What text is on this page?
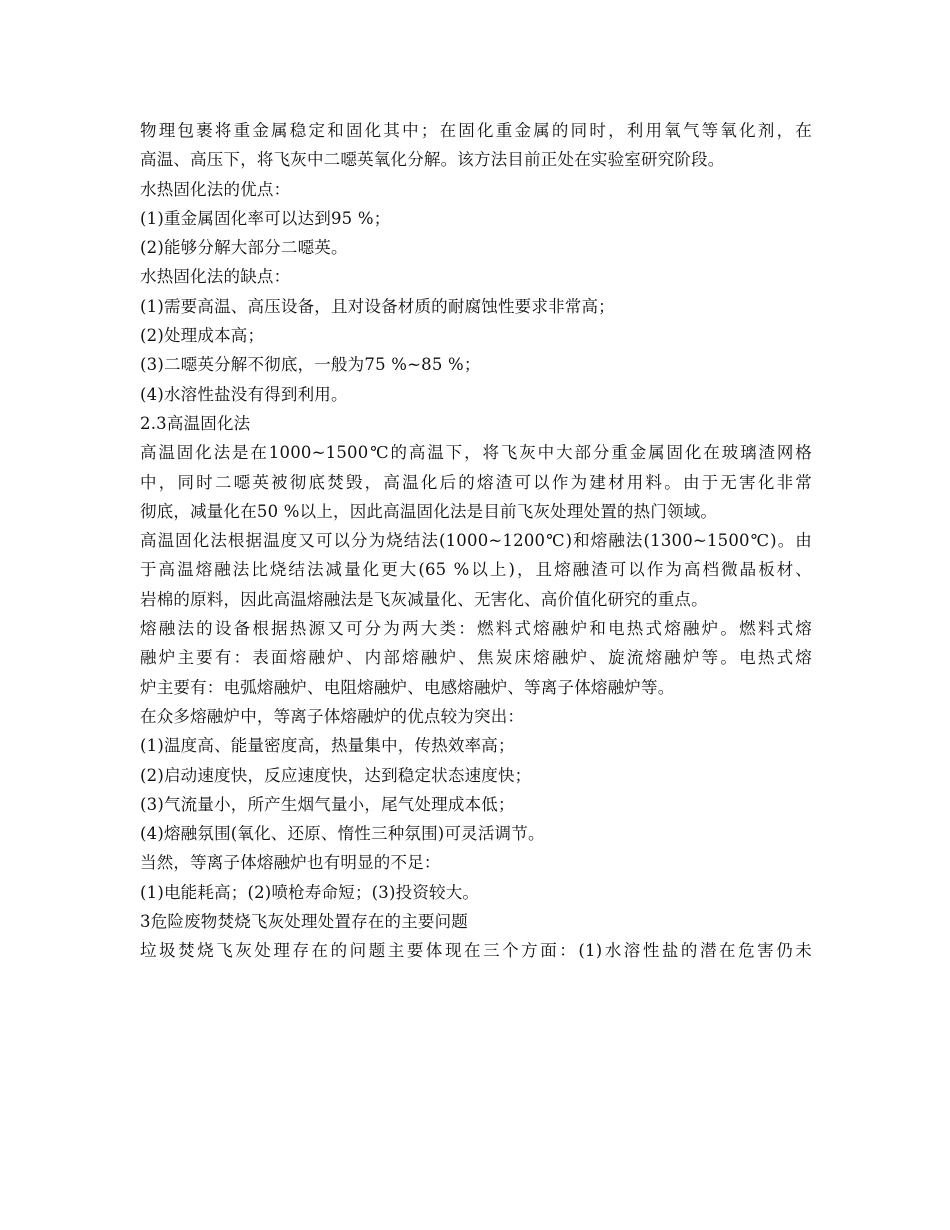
物理包裹将重金属稳定和固化其中；在固化重金属的同时，利用氧气等氧化剂，在
高温、高压下，将飞灰中二噁英氧化分解。该方法目前正处在实验室研究阶段。
水热固化法的优点：
(1)重金属固化率可以达到95 %；
(2)能够分解大部分二噁英。
水热固化法的缺点：
(1)需要高温、高压设备，且对设备材质的耐腐蚀性要求非常高；
(2)处理成本高；
(3)二噁英分解不彻底，一般为75 %~85 %；
(4)水溶性盐没有得到利用。
2.3高温固化法
高温固化法是在1000~1500℃的高温下，将飞灰中大部分重金属固化在玻璃渣网格
中，同时二噁英被彻底焚毁，高温化后的熔渣可以作为建材用料。由于无害化非常
彻底，减量化在50 %以上，因此高温固化法是目前飞灰处理处置的热门领域。
高温固化法根据温度又可以分为烧结法(1000~1200℃)和熔融法(1300~1500℃)。由
于高温熔融法比烧结法减量化更大(65 %以上)，且熔融渣可以作为高档微晶板材、
岩棉的原料，因此高温熔融法是飞灰减量化、无害化、高价值化研究的重点。
熔融法的设备根据热源又可分为两大类：燃料式熔融炉和电热式熔融炉。燃料式熔
融炉主要有：表面熔融炉、内部熔融炉、焦炭床熔融炉、旋流熔融炉等。电热式熔
炉主要有：电弧熔融炉、电阻熔融炉、电感熔融炉、等离子体熔融炉等。
在众多熔融炉中，等离子体熔融炉的优点较为突出：
(1)温度高、能量密度高，热量集中，传热效率高；
(2)启动速度快，反应速度快，达到稳定状态速度快；
(3)气流量小，所产生烟气量小，尾气处理成本低；
(4)熔融氛围(氧化、还原、惰性三种氛围)可灵活调节。
当然，等离子体熔融炉也有明显的不足：
(1)电能耗高；(2)喷枪寿命短；(3)投资较大。
3危险废物焚烧飞灰处理处置存在的主要问题
垃圾焚烧飞灰处理存在的问题主要体现在三个方面：(1)水溶性盐的潜在危害仍未
